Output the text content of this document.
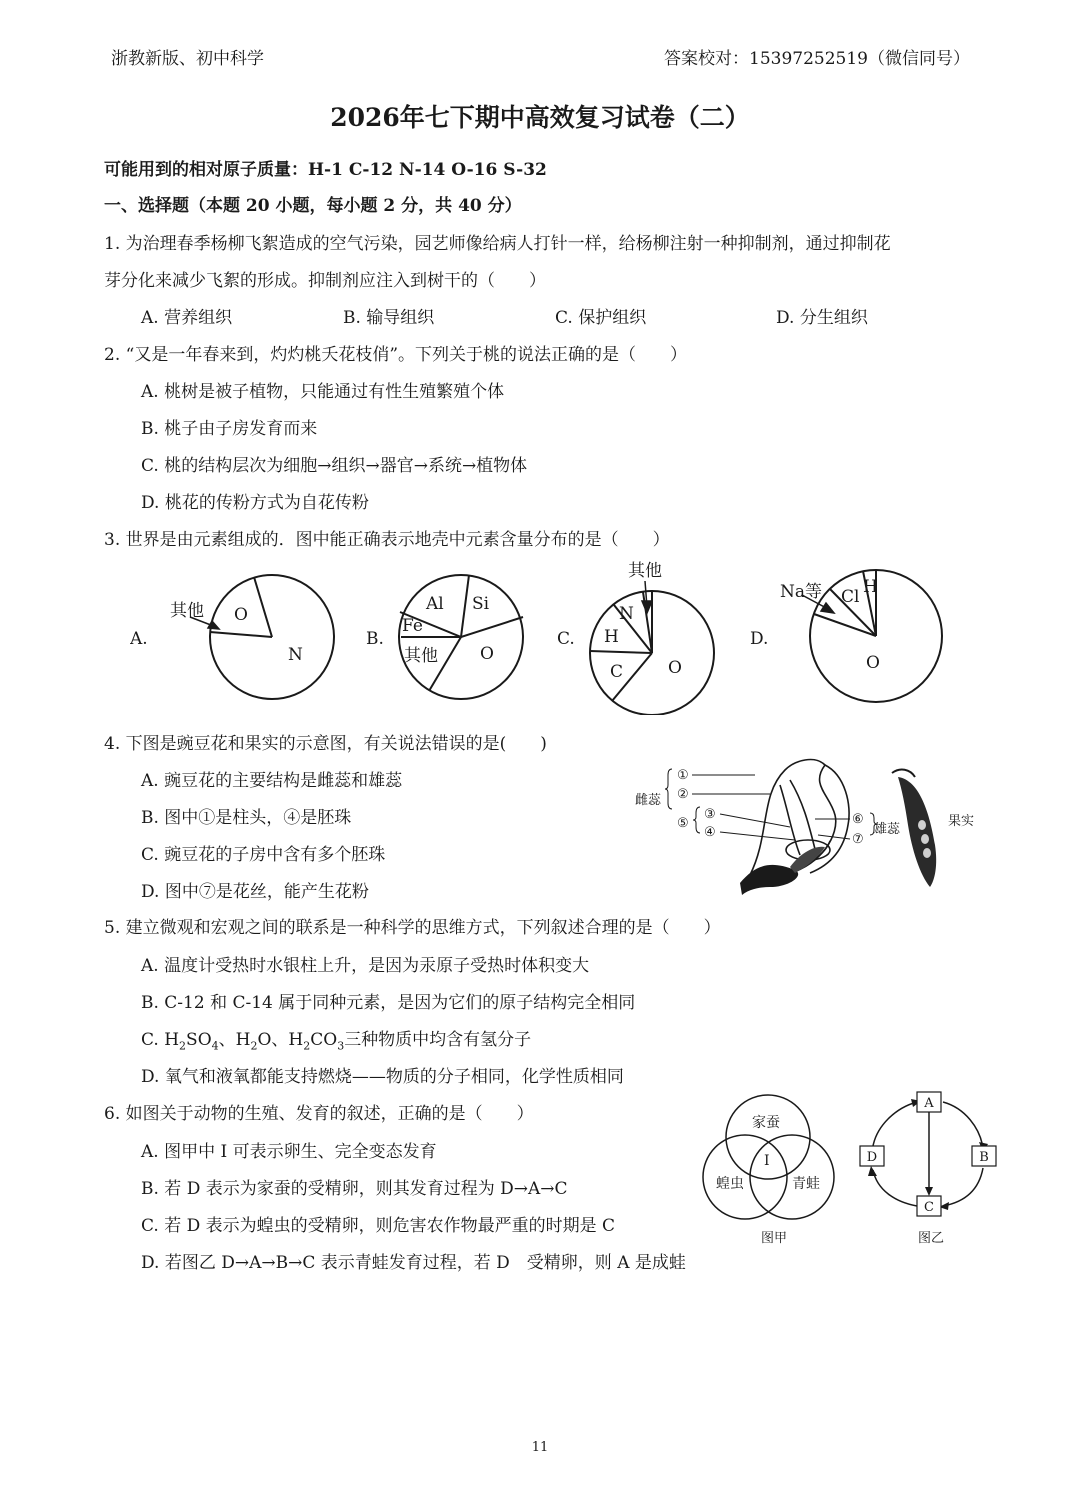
浙教新版、初中科学	答案校对：15397252519（微信同号）
2026年七下期中高效复习试卷（二）
可能用到的相对原子质量：H-1 C-12 N-14 O-16 S-32
一、选择题（本题 20 小题，每小题 2 分，共 40 分）
1. 为治理春季杨柳飞絮造成的空气污染，园艺师像给病人打针一样，给杨柳注射一种抑制剂，通过抑制花
芽分化来减少飞絮的形成。抑制剂应注入到树干的（　　）
A. 营养组织	B. 输导组织	C. 保护组织	D. 分生组织
2. “又是一年春来到，灼灼桃夭花枝俏”。下列关于桃的说法正确的是（　　）
A. 桃树是被子植物，只能通过有性生殖繁殖个体
B. 桃子由子房发育而来
C. 桃的结构层次为细胞→组织→器官→系统→植物体
D. 桃花的传粉方式为自花传粉
3. 世界是由元素组成的．图中能正确表示地壳中元素含量分布的是（　　）
A.
其他 O
N
B.
Al Si
Fe
其他 O
C.
其他
N
H
C	O
D.
Na等 Cl H
O
4. 下图是豌豆花和果实的示意图，有关说法错误的是(　　)
A. 豌豆花的主要结构是雌蕊和雄蕊
B. 图中①是柱头，④是胚珠
C. 豌豆花的子房中含有多个胚珠
D. 图中⑦是花丝，能产生花粉
雌蕊
雄蕊
果实
①
②
③
④
⑤	⑥
⑦
5. 建立微观和宏观之间的联系是一种科学的思维方式，下列叙述合理的是（　　）
A. 温度计受热时水银柱上升，是因为汞原子受热时体积变大
B. C-12 和 C-14 属于同种元素，是因为它们的原子结构完全相同
C. $H_2SO_4$、$H_2O$、$H_2CO_3$三种物质中均含有氢分子
D. 氧气和液氧都能支持燃烧——物质的分子相同，化学性质相同
6. 如图关于动物的生殖、发育的叙述，正确的是（　　）
A. 图甲中 I 可表示卵生、完全变态发育
B. 若 D 表示为家蚕的受精卵，则其发育过程为 D→A→C
C. 若 D 表示为蝗虫的受精卵，则危害农作物最严重的时期是 C
D. 若图乙 D→A→B→C 表示青蛙发育过程，若 D　受精卵，则 A 是成蛙
家蚕
蝗虫	青蛙
I
图甲
A
B
C
D
图乙
11
